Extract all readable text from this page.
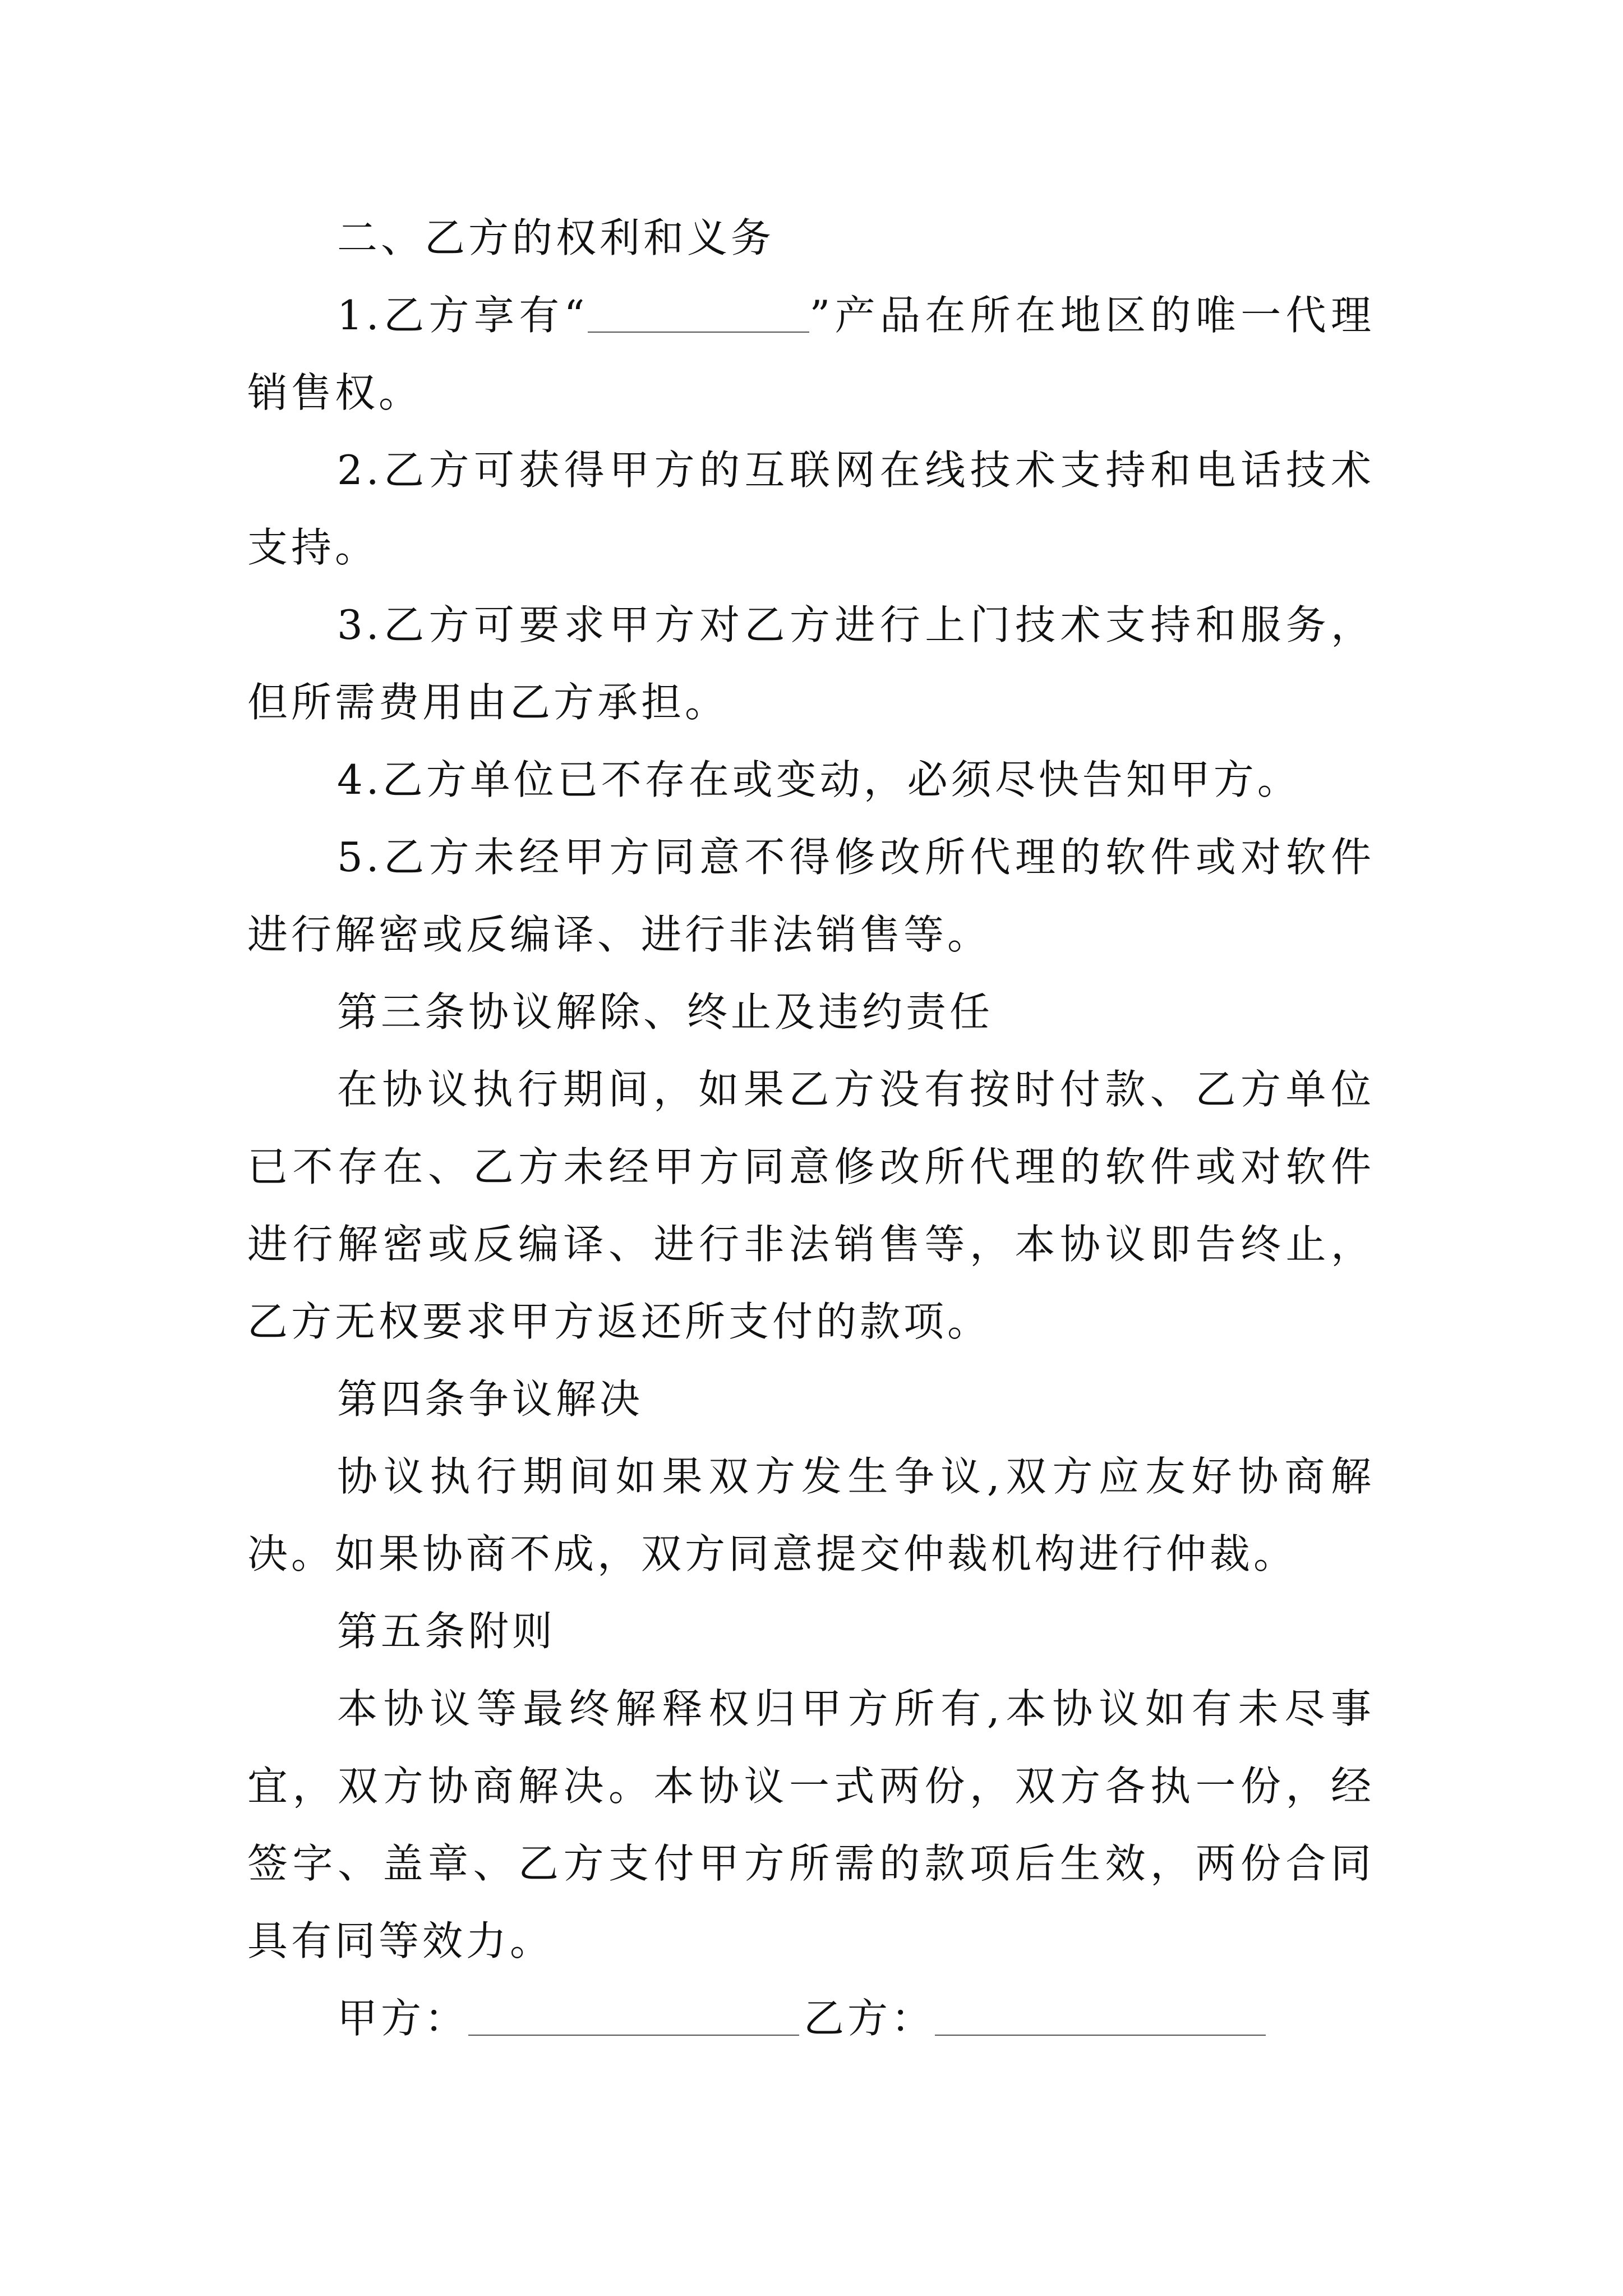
二、乙方的权利和义务

1.乙方享有“	”产品在所在地区的唯一代理销售权。

2.乙方可获得甲方的互联网在线技术支持和电话技术支持。

3.乙方可要求甲方对乙方进行上门技术支持和服务，但所需费用由乙方承担。

4.乙方单位已不存在或变动，必须尽快告知甲方。

5.乙方未经甲方同意不得修改所代理的软件或对软件进行解密或反编译、进行非法销售等。

第三条协议解除、终止及违约责任

在协议执行期间，如果乙方没有按时付款、乙方单位已不存在、乙方未经甲方同意修改所代理的软件或对软件进行解密或反编译、进行非法销售等，本协议即告终止，乙方无权要求甲方返还所支付的款项。

第四条争议解决

协议执行期间如果双方发生争议,双方应友好协商解决。如果协商不成，双方同意提交仲裁机构进行仲裁。

第五条附则

本协议等最终解释权归甲方所有,本协议如有未尽事宜，双方协商解决。本协议一式两份，双方各执一份，经签字、盖章、乙方支付甲方所需的款项后生效，两份合同具有同等效力。

甲方：	乙方：
